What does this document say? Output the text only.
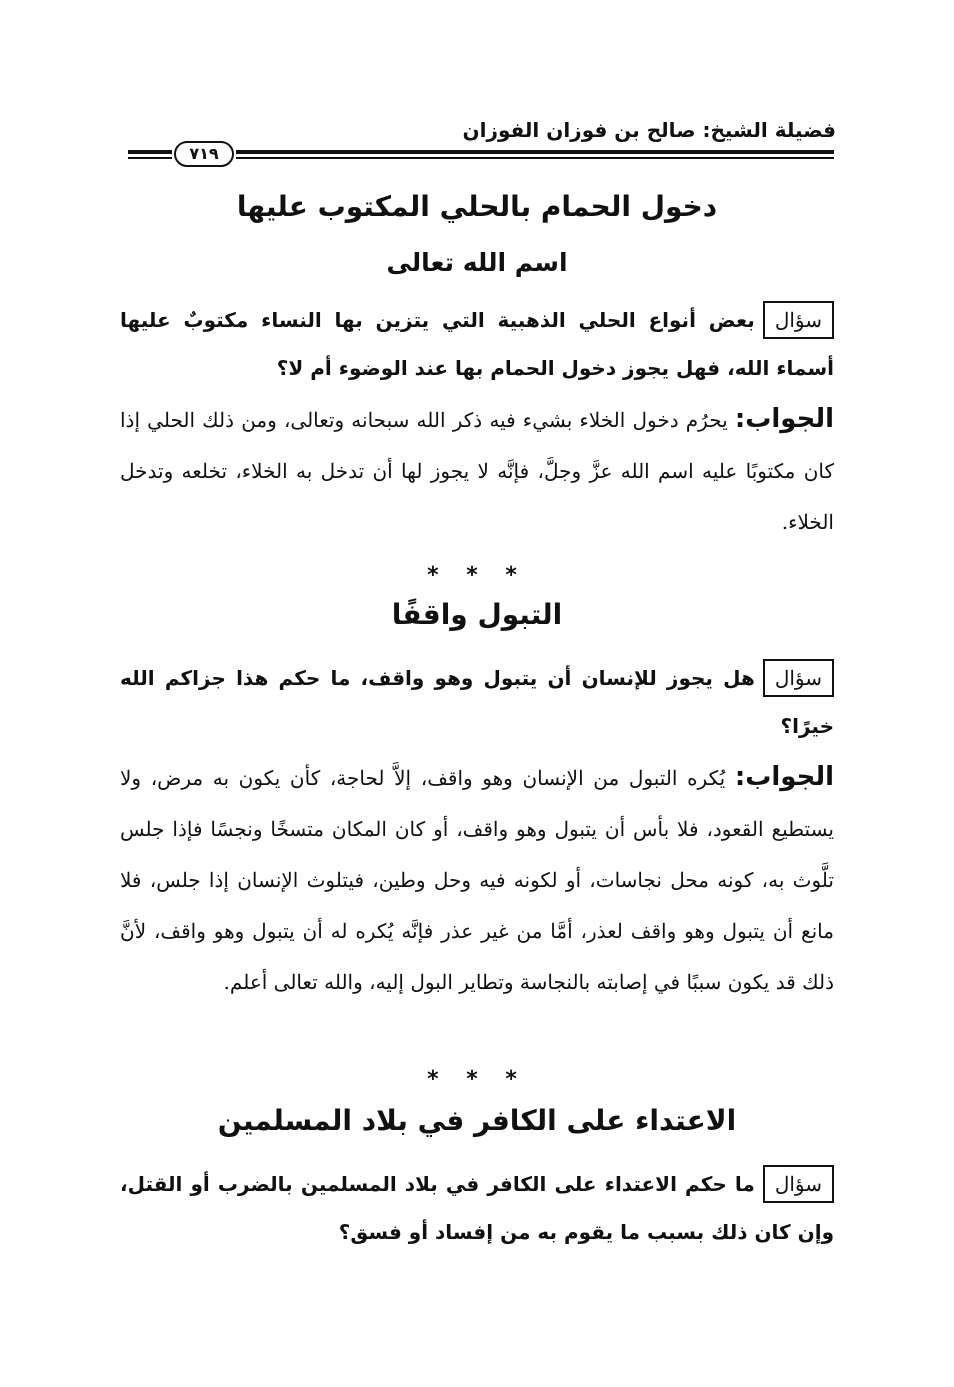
فضيلة الشيخ: صالح بن فوزان الفوزان
٧١٩
دخول الحمام بالحلي المكتوب عليها
اسم الله تعالى
سؤالبعض أنواع الحلي الذهبية التي يتزين بها النساء مكتوبٌ عليها أسماء الله، فهل يجوز دخول الحمام بها عند الوضوء أم لا؟
الجواب: يحرُم دخول الخلاء بشيء فيه ذكر الله سبحانه وتعالى، ومن ذلك الحلي إذا كان مكتوبًا عليه اسم الله عزَّ وجلَّ، فإنَّه لا يجوز لها أن تدخل به الخلاء، تخلعه وتدخل الخلاء.
* * *
التبول واقفًا
سؤالهل يجوز للإنسان أن يتبول وهو واقف، ما حكم هذا جزاكم الله خيرًا؟
الجواب: يُكره التبول من الإنسان وهو واقف، إلاَّ لحاجة، كأن يكون به مرض، ولا يستطيع القعود، فلا بأس أن يتبول وهو واقف، أو كان المكان متسخًا ونجسًا فإذا جلس تلَّوث به، كونه محل نجاسات، أو لكونه فيه وحل وطين، فيتلوث الإنسان إذا جلس، فلا مانع أن يتبول وهو واقف لعذر، أمَّا من غير عذر فإنَّه يُكره له أن يتبول وهو واقف، لأنَّ ذلك قد يكون سببًا في إصابته بالنجاسة وتطاير البول إليه، والله تعالى أعلم.
* * *
الاعتداء على الكافر في بلاد المسلمين
سؤالما حكم الاعتداء على الكافر في بلاد المسلمين بالضرب أو القتل، وإن كان ذلك بسبب ما يقوم به من إفساد أو فسق؟
